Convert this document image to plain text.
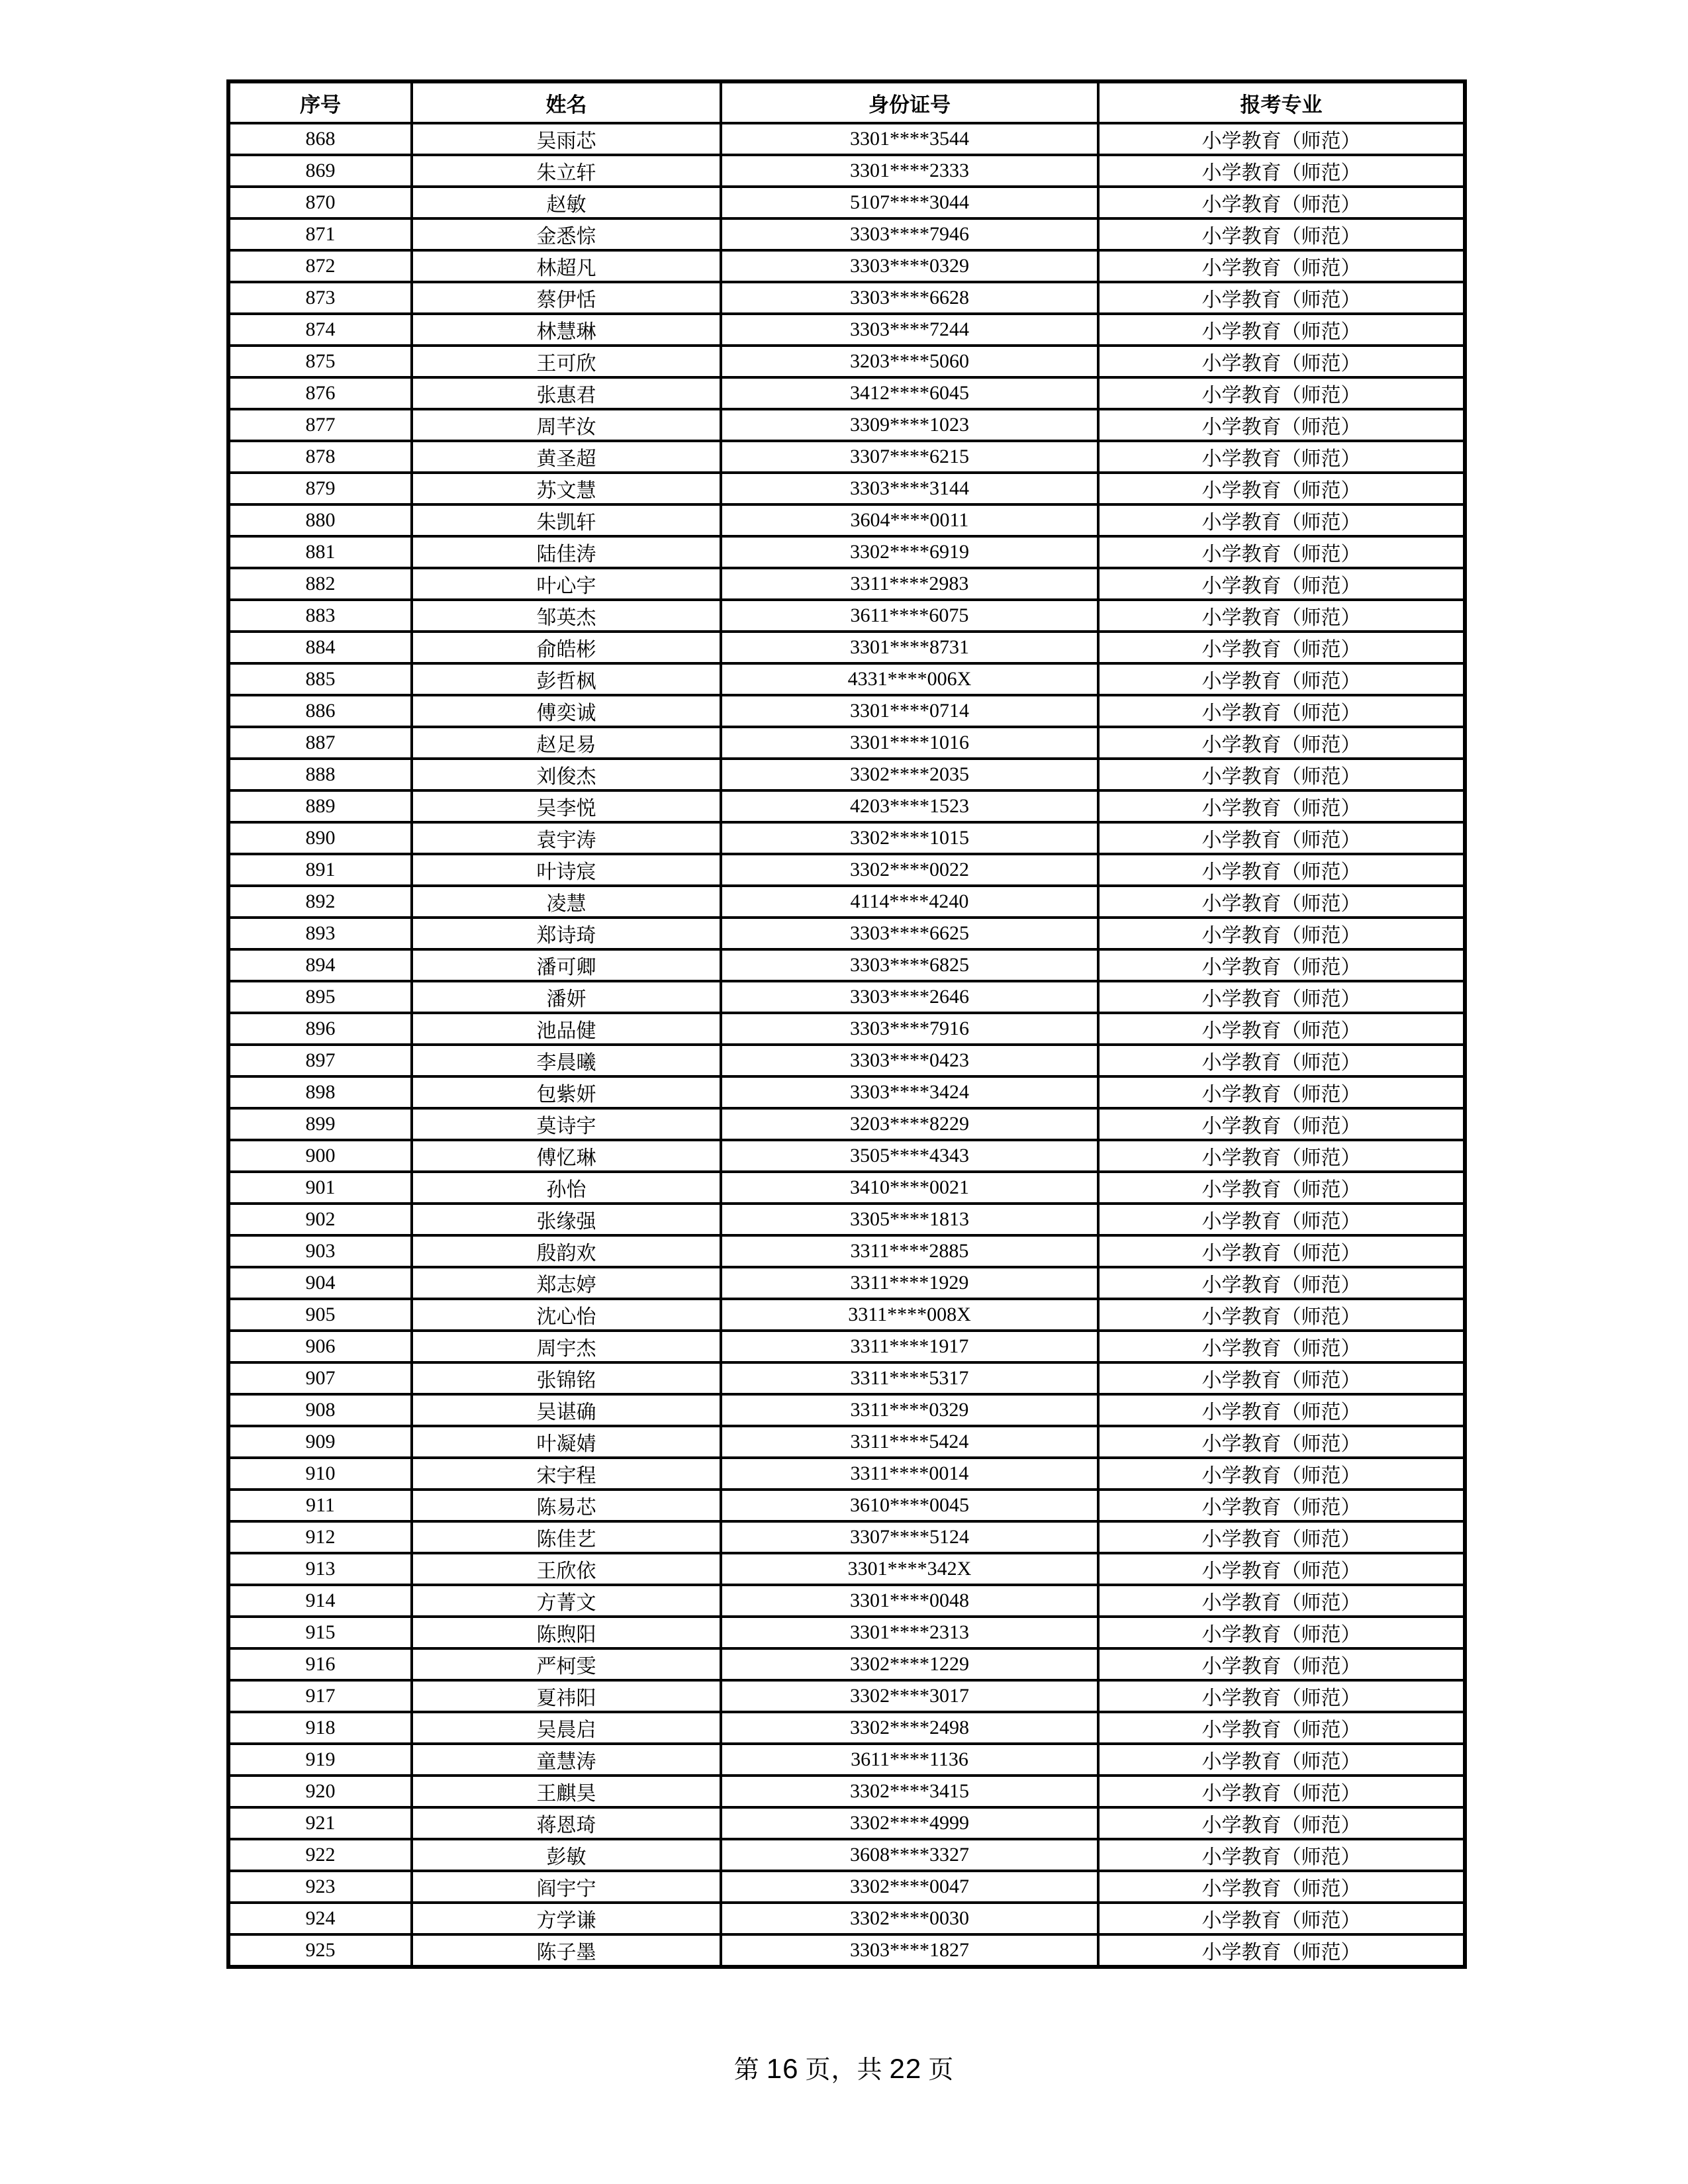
序号	姓名	身份证号	报考专业
868	吴雨芯	3301****3544	小学教育（师范）
869	朱立轩	3301****2333	小学教育（师范）
870	赵敏	5107****3044	小学教育（师范）
871	金悉悰	3303****7946	小学教育（师范）
872	林超凡	3303****0329	小学教育（师范）
873	蔡伊恬	3303****6628	小学教育（师范）
874	林慧琳	3303****7244	小学教育（师范）
875	王可欣	3203****5060	小学教育（师范）
876	张惠君	3412****6045	小学教育（师范）
877	周芊汝	3309****1023	小学教育（师范）
878	黄圣超	3307****6215	小学教育（师范）
879	苏文慧	3303****3144	小学教育（师范）
880	朱凯轩	3604****0011	小学教育（师范）
881	陆佳涛	3302****6919	小学教育（师范）
882	叶心宇	3311****2983	小学教育（师范）
883	邹英杰	3611****6075	小学教育（师范）
884	俞皓彬	3301****8731	小学教育（师范）
885	彭哲枫	4331****006X	小学教育（师范）
886	傅奕诚	3301****0714	小学教育（师范）
887	赵足易	3301****1016	小学教育（师范）
888	刘俊杰	3302****2035	小学教育（师范）
889	吴李悦	4203****1523	小学教育（师范）
890	袁宇涛	3302****1015	小学教育（师范）
891	叶诗宸	3302****0022	小学教育（师范）
892	凌慧	4114****4240	小学教育（师范）
893	郑诗琦	3303****6625	小学教育（师范）
894	潘可卿	3303****6825	小学教育（师范）
895	潘妍	3303****2646	小学教育（师范）
896	池品健	3303****7916	小学教育（师范）
897	李晨曦	3303****0423	小学教育（师范）
898	包紫妍	3303****3424	小学教育（师范）
899	莫诗宇	3203****8229	小学教育（师范）
900	傅忆琳	3505****4343	小学教育（师范）
901	孙怡	3410****0021	小学教育（师范）
902	张缘强	3305****1813	小学教育（师范）
903	殷韵欢	3311****2885	小学教育（师范）
904	郑志婷	3311****1929	小学教育（师范）
905	沈心怡	3311****008X	小学教育（师范）
906	周宇杰	3311****1917	小学教育（师范）
907	张锦铭	3311****5317	小学教育（师范）
908	吴谌确	3311****0329	小学教育（师范）
909	叶凝婧	3311****5424	小学教育（师范）
910	宋宇程	3311****0014	小学教育（师范）
911	陈易芯	3610****0045	小学教育（师范）
912	陈佳艺	3307****5124	小学教育（师范）
913	王欣依	3301****342X	小学教育（师范）
914	方菁文	3301****0048	小学教育（师范）
915	陈煦阳	3301****2313	小学教育（师范）
916	严柯雯	3302****1229	小学教育（师范）
917	夏祎阳	3302****3017	小学教育（师范）
918	吴晨启	3302****2498	小学教育（师范）
919	童慧涛	3611****1136	小学教育（师范）
920	王麒昊	3302****3415	小学教育（师范）
921	蒋恩琦	3302****4999	小学教育（师范）
922	彭敏	3608****3327	小学教育（师范）
923	阎宇宁	3302****0047	小学教育（师范）
924	方学谦	3302****0030	小学教育（师范）
925	陈子墨	3303****1827	小学教育（师范）
第 16 页，共 22 页
